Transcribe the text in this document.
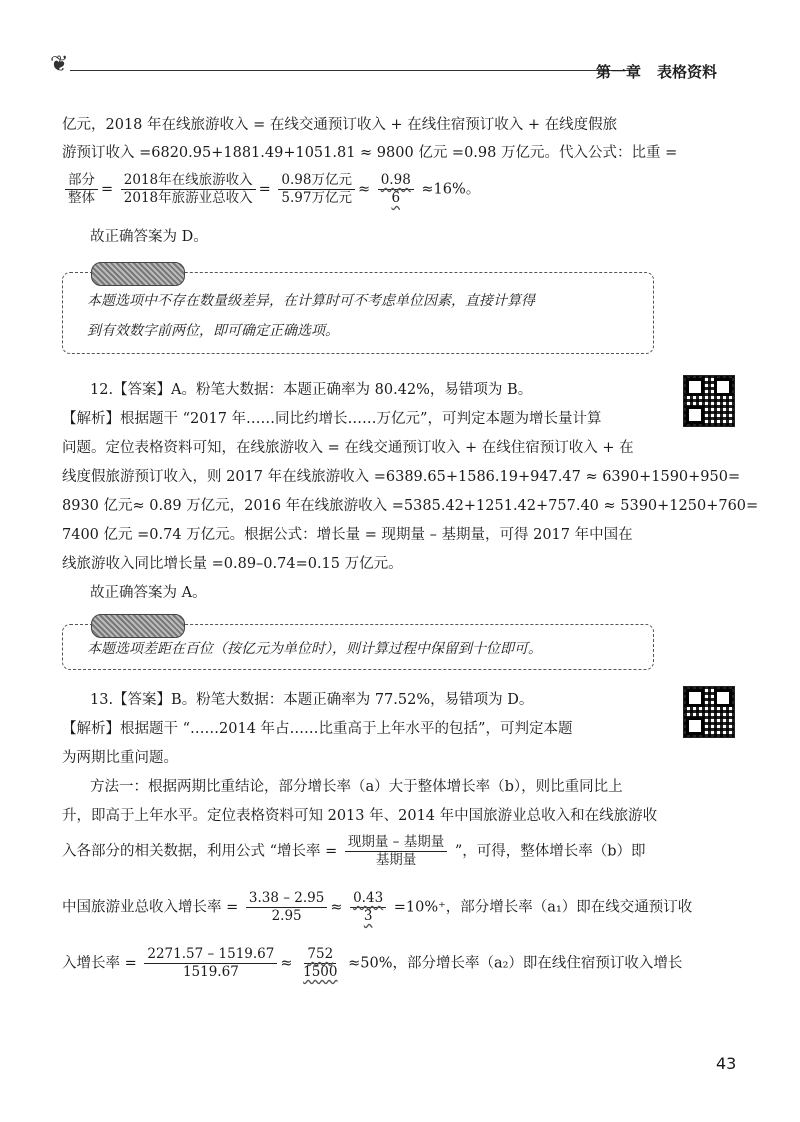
❦	第一章 表格资料
亿元，2018 年在线旅游收入 = 在线交通预订收入 + 在线住宿预订收入 + 在线度假旅
游预订收入 =6820.95+1881.49+1051.81 ≈ 9800 亿元 =0.98 万亿元。代入公式：比重 =
$\frac{\text{部分}}{\text{整体}} = \frac{\text{2018年在线旅游收入}}{\text{2018年旅游业总收入}} = \frac{\text{0.98万亿元}}{\text{5.97万亿元}} \approx \frac{0.98}{6} \approx 16\%$。
故正确答案为 D。
本题选项中不存在数量级差异，在计算时可不考虑单位因素，直接计算得
到有效数字前两位，即可确定正确选项。
12.【答案】A。粉笔大数据：本题正确率为 80.42%，易错项为 B。
【解析】根据题干 “2017 年……同比约增长……万亿元”，可判定本题为增长量计算
问题。定位表格资料可知，在线旅游收入 = 在线交通预订收入 + 在线住宿预订收入 + 在
线度假旅游预订收入，则 2017 年在线旅游收入 =6389.65+1586.19+947.47 ≈ 6390+1590+950=
8930 亿元≈ 0.89 万亿元，2016 年在线旅游收入 =5385.42+1251.42+757.40 ≈ 5390+1250+760=
7400 亿元 =0.74 万亿元。根据公式：增长量 = 现期量 – 基期量，可得 2017 年中国在
线旅游收入同比增长量 =0.89–0.74=0.15 万亿元。
故正确答案为 A。
本题选项差距在百位（按亿元为单位时），则计算过程中保留到十位即可。
13.【答案】B。粉笔大数据：本题正确率为 77.52%，易错项为 D。
【解析】根据题干 “……2014 年占……比重高于上年水平的包括”，可判定本题
为两期比重问题。
方法一：根据两期比重结论，部分增长率（a）大于整体增长率（b），则比重同比上
升，即高于上年水平。定位表格资料可知 2013 年、2014 年中国旅游业总收入和在线旅游收
入各部分的相关数据，利用公式 “增长率 = $\frac{\text{现期量 – 基期量}}{\text{基期量}}$ ”，可得，整体增长率（b）即
中国旅游业总收入增长率 = $\frac{3.38 - 2.95}{2.95} \approx \frac{0.43}{3} =10\%^+$，部分增长率（a₁）即在线交通预订收
入增长率 = $\frac{2271.57 - 1519.67}{1519.67} \approx \frac{752}{1500} \approx 50\%$，部分增长率（a₂）即在线住宿预订收入增长
43
